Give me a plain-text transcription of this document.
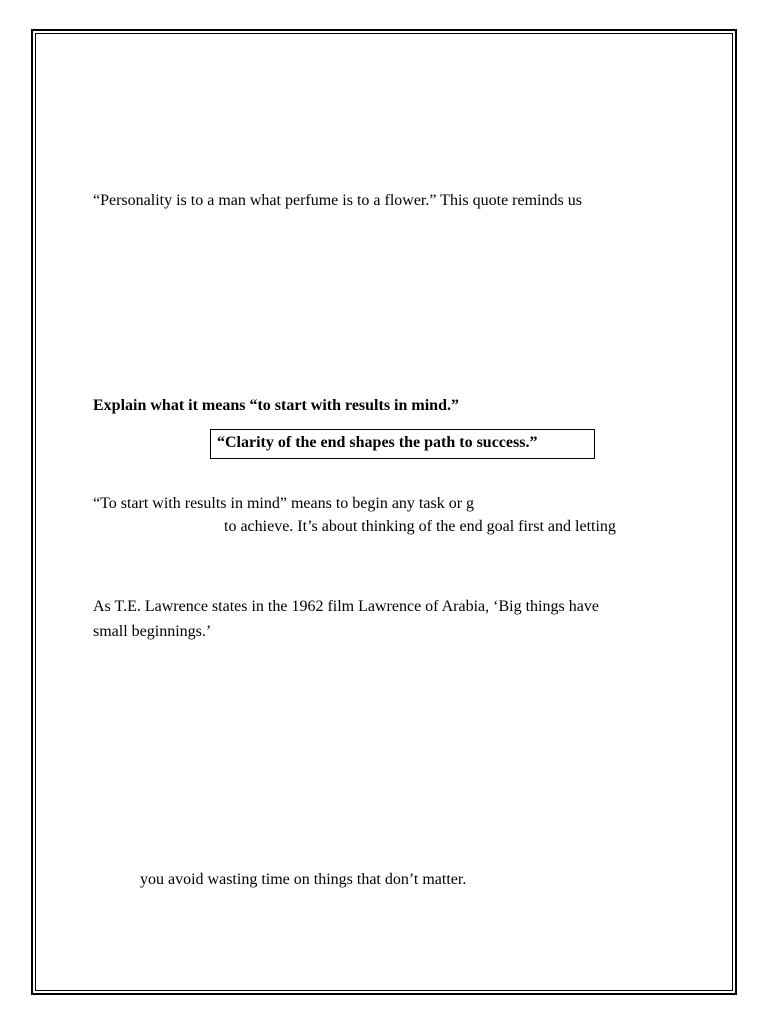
“Personality is to a man what perfume is to a flower.” This quote reminds us
Explain what it means “to start with results in mind.”
“Clarity of the end shapes the path to success.”
“To start with results in mind” means to begin any task or g
to achieve. It’s about thinking of the end goal first and letting
As T.E. Lawrence states in the 1962 film Lawrence of Arabia, ‘Big things have
small beginnings.’
you avoid wasting time on things that don’t matter.
